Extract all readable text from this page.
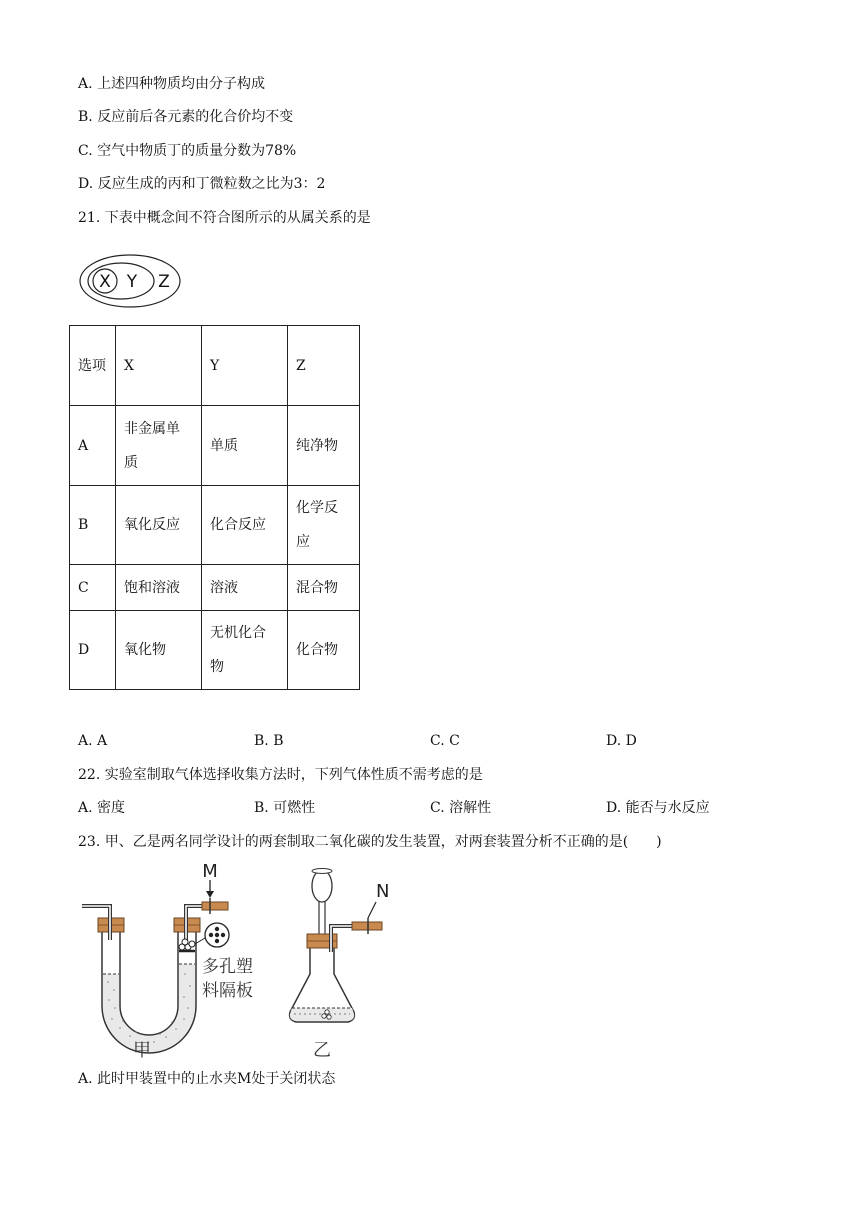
A. 上述四种物质均由分子构成
B. 反应前后各元素的化合价均不变
C. 空气中物质丁的质量分数为78%
D. 反应生成的丙和丁微粒数之比为3：2
21. 下表中概念间不符合图所示的从属关系的是
X Y Z
选项	X	Y	Z
A	非金属单质	单质	纯净物
B	氧化反应	化合反应	化学反应
C	饱和溶液	溶液	混合物
D	氧化物	无机化合物	化合物
A. A	B. B	C. C	D. D
22. 实验室制取气体选择收集方法时，下列气体性质不需考虑的是
A. 密度	B. 可燃性	C. 溶解性	D. 能否与水反应
23. 甲、乙是两名同学设计的两套制取二氧化碳的发生装置，对两套装置分析不正确的是(　　)
M
多孔塑
料隔板
甲
N
乙
A. 此时甲装置中的止水夹M处于关闭状态
